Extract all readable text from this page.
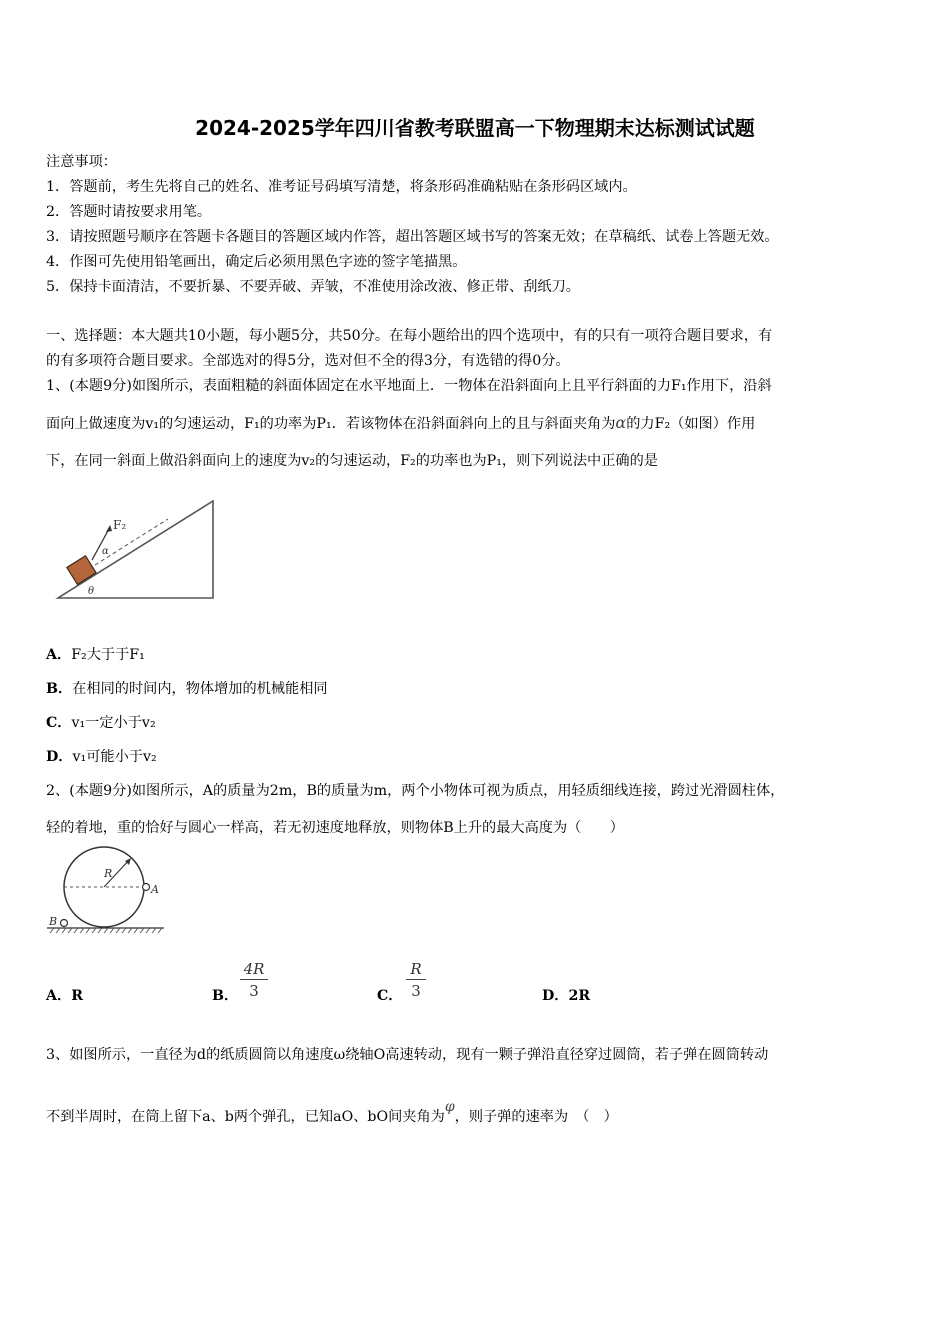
2024-2025学年四川省教考联盟高一下物理期末达标测试试题
注意事项：
1．答题前，考生先将自己的姓名、准考证号码填写清楚，将条形码准确粘贴在条形码区域内。
2．答题时请按要求用笔。
3．请按照题号顺序在答题卡各题目的答题区域内作答，超出答题区域书写的答案无效；在草稿纸、试卷上答题无效。
4．作图可先使用铅笔画出，确定后必须用黑色字迹的签字笔描黑。
5．保持卡面清洁，不要折暴、不要弄破、弄皱，不准使用涂改液、修正带、刮纸刀。
一、选择题：本大题共10小题，每小题5分，共50分。在每小题给出的四个选项中，有的只有一项符合题目要求，有
的有多项符合题目要求。全部选对的得5分，选对但不全的得3分，有选错的得0分。
1、(本题9分)如图所示，表面粗糙的斜面体固定在水平地面上．一物体在沿斜面向上且平行斜面的力F₁作用下，沿斜
面向上做速度为v₁的匀速运动，F₁的功率为P₁．若该物体在沿斜面斜向上的且与斜面夹角为α的力F₂（如图）作用
下，在同一斜面上做沿斜面向上的速度为v₂的匀速运动，F₂的功率也为P₁，则下列说法中正确的是
F₂
α
θ
A．F₂大于于F₁
B．在相同的时间内，物体增加的机械能相同
C．v₁一定小于v₂
D．v₁可能小于v₂
2、(本题9分)如图所示，A的质量为2m，B的质量为m，两个小物体可视为质点，用轻质细线连接，跨过光滑圆柱体，
轻的着地，重的恰好与圆心一样高，若无初速度地释放，则物体B上升的最大高度为（　　）
R
A
B
A．R	B．
4R
3	C．
R
3	D．2R
3、如图所示，一直径为d的纸质圆筒以角速度ω绕轴O高速转动，现有一颗子弹沿直径穿过圆筒，若子弹在圆筒转动
不到半周时，在筒上留下a、b两个弹孔，已知aO、bO间夹角为φ，则子弹的速率为　（　）
